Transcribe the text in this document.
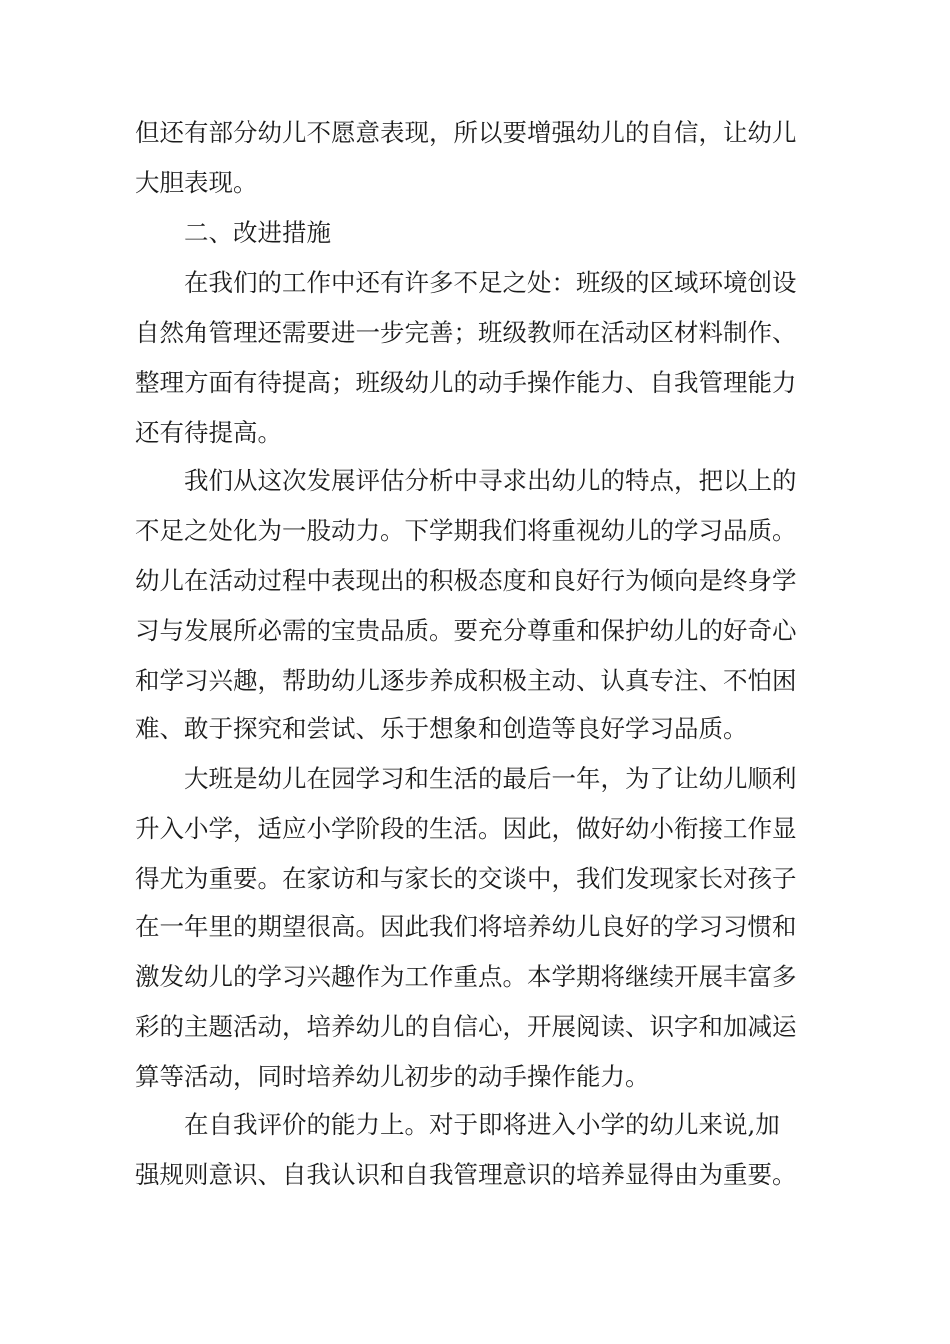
但还有部分幼儿不愿意表现，所以要增强幼儿的自信，让幼儿
大胆表现。
二、改进措施
在我们的工作中还有许多不足之处：班级的区域环境创设
自然角管理还需要进一步完善；班级教师在活动区材料制作、
整理方面有待提高；班级幼儿的动手操作能力、自我管理能力
还有待提高。
我们从这次发展评估分析中寻求出幼儿的特点，把以上的
不足之处化为一股动力。下学期我们将重视幼儿的学习品质。
幼儿在活动过程中表现出的积极态度和良好行为倾向是终身学
习与发展所必需的宝贵品质。要充分尊重和保护幼儿的好奇心
和学习兴趣，帮助幼儿逐步养成积极主动、认真专注、不怕困
难、敢于探究和尝试、乐于想象和创造等良好学习品质。
大班是幼儿在园学习和生活的最后一年，为了让幼儿顺利
升入小学，适应小学阶段的生活。因此，做好幼小衔接工作显
得尤为重要。在家访和与家长的交谈中，我们发现家长对孩子
在一年里的期望很高。因此我们将培养幼儿良好的学习习惯和
激发幼儿的学习兴趣作为工作重点。本学期将继续开展丰富多
彩的主题活动，培养幼儿的自信心，开展阅读、识字和加减运
算等活动，同时培养幼儿初步的动手操作能力。
在自我评价的能力上。对于即将进入小学的幼儿来说,加
强规则意识、自我认识和自我管理意识的培养显得由为重要。
